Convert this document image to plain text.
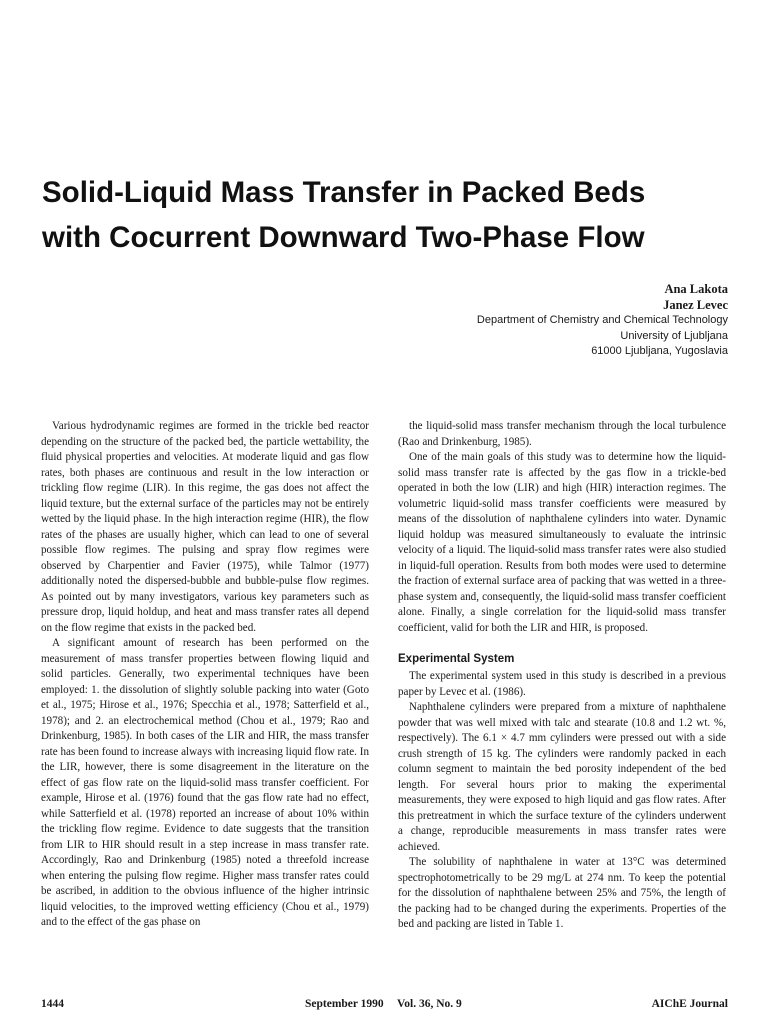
Solid-Liquid Mass Transfer in Packed Beds
with Cocurrent Downward Two-Phase Flow
Ana Lakota
Janez Levec
Department of Chemistry and Chemical Technology
University of Ljubljana
61000 Ljubljana, Yugoslavia

Various hydrodynamic regimes are formed in the trickle bed reactor depending on the structure of the packed bed, the particle wettability, the fluid physical properties and velocities. At moderate liquid and gas flow rates, both phases are continuous and result in the low interaction or trickling flow regime (LIR). In this regime, the gas does not affect the liquid texture, but the external surface of the particles may not be entirely wetted by the liquid phase. In the high interaction regime (HIR), the flow rates of the phases are usually higher, which can lead to one of several possible flow regimes. The pulsing and spray flow regimes were observed by Charpentier and Favier (1975), while Talmor (1977) additionally noted the dispersed-bubble and bubble-pulse flow regimes. As pointed out by many investigators, various key parameters such as pressure drop, liquid holdup, and heat and mass transfer rates all depend on the flow regime that exists in the packed bed.

A significant amount of research has been performed on the measurement of mass transfer properties between flowing liquid and solid particles. Generally, two experimental techniques have been employed: 1. the dissolution of slightly soluble packing into water (Goto et al., 1975; Hirose et al., 1976; Specchia et al., 1978; Satterfield et al., 1978); and 2. an electrochemical method (Chou et al., 1979; Rao and Drinkenburg, 1985). In both cases of the LIR and HIR, the mass transfer rate has been found to increase always with increasing liquid flow rate. In the LIR, however, there is some disagreement in the literature on the effect of gas flow rate on the liquid-solid mass transfer coefficient. For example, Hirose et al. (1976) found that the gas flow rate had no effect, while Satterfield et al. (1978) reported an increase of about 10% within the trickling flow regime. Evidence to date suggests that the transition from LIR to HIR should result in a step increase in mass transfer rate. Accordingly, Rao and Drinkenburg (1985) noted a threefold increase when entering the pulsing flow regime. Higher mass transfer rates could be ascribed, in addition to the obvious influence of the higher intrinsic liquid velocities, to the improved wetting efficiency (Chou et al., 1979) and to the effect of the gas phase on

the liquid-solid mass transfer mechanism through the local turbulence (Rao and Drinkenburg, 1985).

One of the main goals of this study was to determine how the liquid-solid mass transfer rate is affected by the gas flow in a trickle-bed operated in both the low (LIR) and high (HIR) interaction regimes. The volumetric liquid-solid mass transfer coefficients were measured by means of the dissolution of naphthalene cylinders into water. Dynamic liquid holdup was measured simultaneously to evaluate the intrinsic velocity of a liquid. The liquid-solid mass transfer rates were also studied in liquid-full operation. Results from both modes were used to determine the fraction of external surface area of packing that was wetted in a three-phase system and, consequently, the liquid-solid mass transfer coefficient alone. Finally, a single correlation for the liquid-solid mass transfer coefficient, valid for both the LIR and HIR, is proposed.

Experimental System

The experimental system used in this study is described in a previous paper by Levec et al. (1986).

Naphthalene cylinders were prepared from a mixture of naphthalene powder that was well mixed with talc and stearate (10.8 and 1.2 wt. %, respectively). The 6.1 × 4.7 mm cylinders were pressed out with a side crush strength of 15 kg. The cylinders were randomly packed in each column segment to maintain the bed porosity independent of the bed length. For several hours prior to making the experimental measurements, they were exposed to high liquid and gas flow rates. After this pretreatment in which the surface texture of the cylinders underwent a change, reproducible measurements in mass transfer rates were achieved.

The solubility of naphthalene in water at 13°C was determined spectrophotometrically to be 29 mg/L at 274 nm. To keep the potential for the dissolution of naphthalene between 25% and 75%, the length of the packing had to be changed during the experiments. Properties of the bed and packing are listed in Table 1.

1444	September 1990 Vol. 36, No. 9	AIChE Journal
